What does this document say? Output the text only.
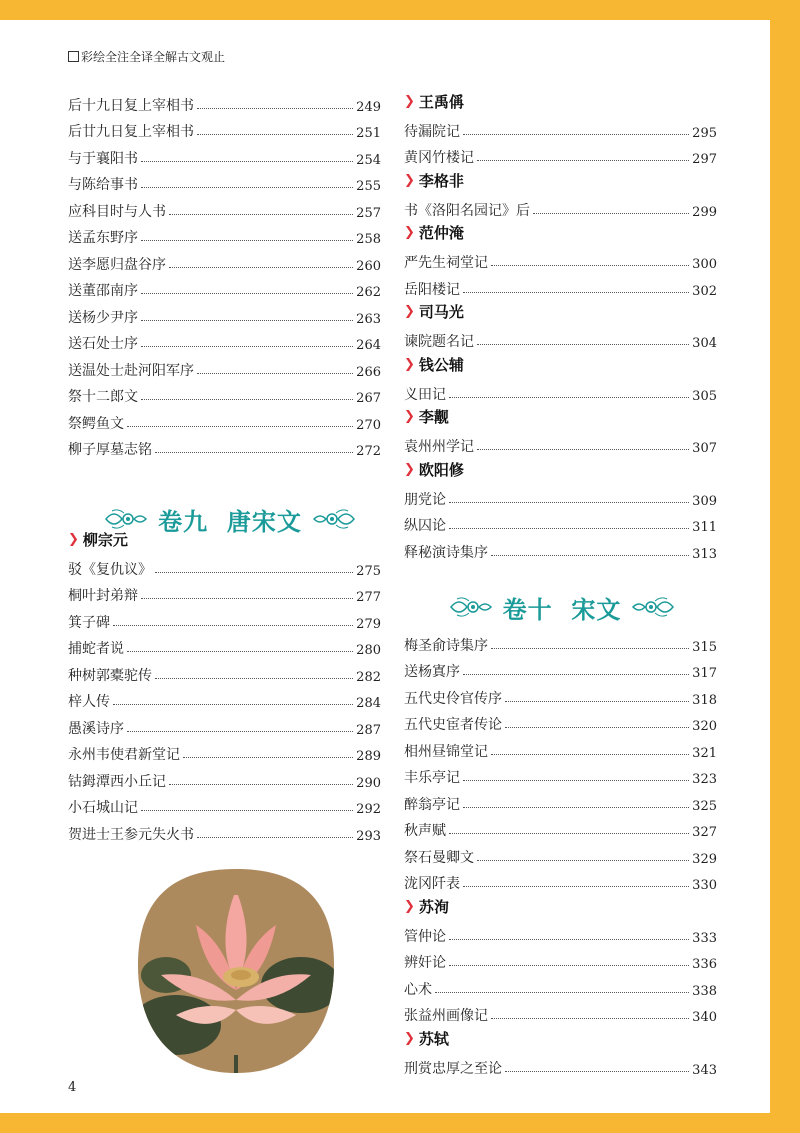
彩绘全注全译全解古文观止
后十九日复上宰相书	249
后廿九日复上宰相书	251
与于襄阳书	254
与陈给事书	255
应科目时与人书	257
送孟东野序	258
送李愿归盘谷序	260
送董邵南序	262
送杨少尹序	263
送石处士序	264
送温处士赴河阳军序	266
祭十二郎文	267
祭鳄鱼文	270
柳子厚墓志铭	272
卷九  唐宋文
❯ 柳宗元
驳《复仇议》	275
桐叶封弟辩	277
箕子碑	279
捕蛇者说	280
种树郭橐驼传	282
梓人传	284
愚溪诗序	287
永州韦使君新堂记	289
钴鉧潭西小丘记	290
小石城山记	292
贺进士王参元失火书	293
❯ 王禹偁
待漏院记	295
黄冈竹楼记	297
❯ 李格非
书《洛阳名园记》后	299
❯ 范仲淹
严先生祠堂记	300
岳阳楼记	302
❯ 司马光
谏院题名记	304
❯ 钱公辅
义田记	305
❯ 李觏
袁州州学记	307
❯ 欧阳修
朋党论	309
纵囚论	311
释秘演诗集序	313
卷十  宋文
梅圣俞诗集序	315
送杨寘序	317
五代史伶官传序	318
五代史宦者传论	320
相州昼锦堂记	321
丰乐亭记	323
醉翁亭记	325
秋声赋	327
祭石曼卿文	329
泷冈阡表	330
❯ 苏洵
管仲论	333
辨奸论	336
心术	338
张益州画像记	340
❯ 苏轼
刑赏忠厚之至论	343
4
